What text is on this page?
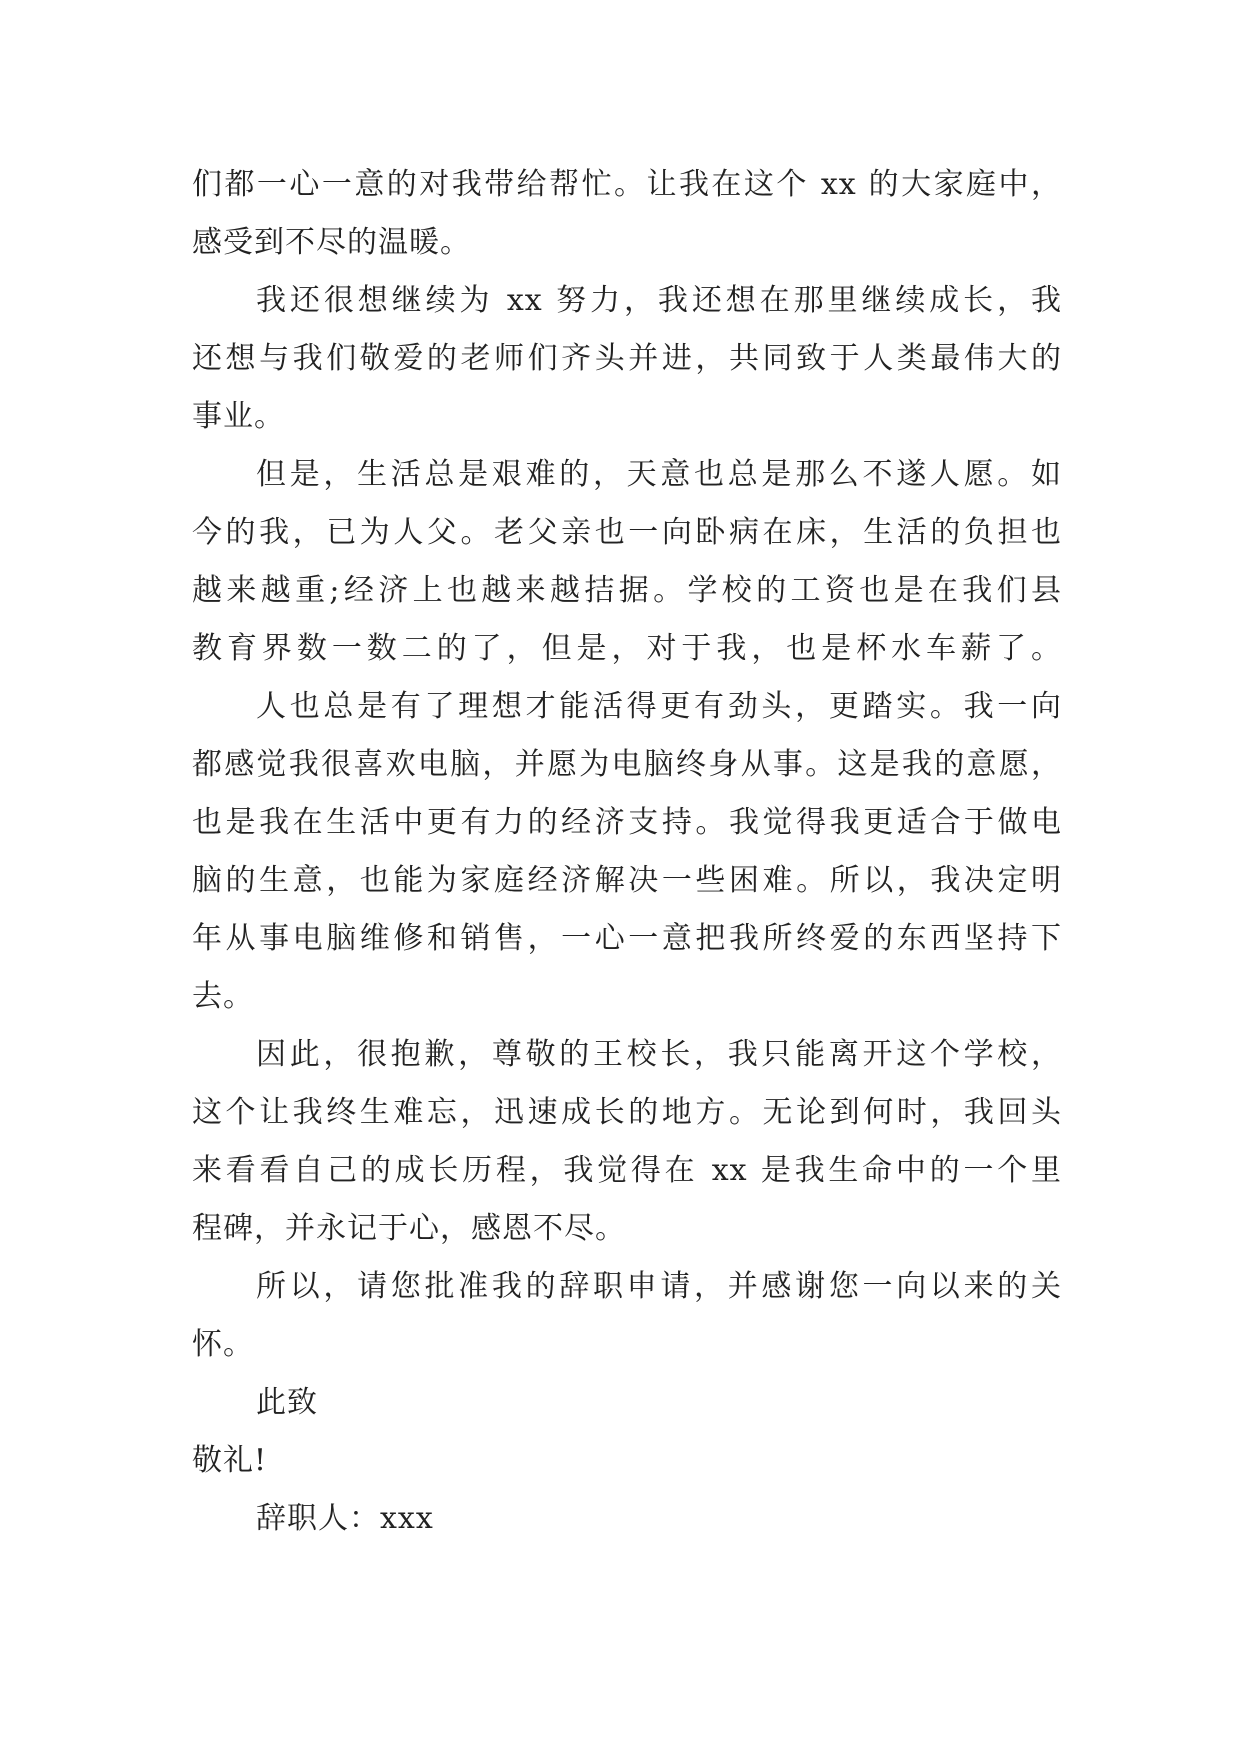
们都一心一意的对我带给帮忙。让我在这个 xx 的大家庭中，
感受到不尽的温暖。
我还很想继续为 xx 努力，我还想在那里继续成长，我
还想与我们敬爱的老师们齐头并进，共同致于人类最伟大的
事业。
但是，生活总是艰难的，天意也总是那么不遂人愿。如
今的我，已为人父。老父亲也一向卧病在床，生活的负担也
越来越重;经济上也越来越拮据。学校的工资也是在我们县
教育界数一数二的了，但是，对于我，也是杯水车薪了。
人也总是有了理想才能活得更有劲头，更踏实。我一向
都感觉我很喜欢电脑，并愿为电脑终身从事。这是我的意愿，
也是我在生活中更有力的经济支持。我觉得我更适合于做电
脑的生意，也能为家庭经济解决一些困难。所以，我决定明
年从事电脑维修和销售，一心一意把我所终爱的东西坚持下
去。
因此，很抱歉，尊敬的王校长，我只能离开这个学校，
这个让我终生难忘，迅速成长的地方。无论到何时，我回头
来看看自己的成长历程，我觉得在 xx 是我生命中的一个里
程碑，并永记于心，感恩不尽。
所以，请您批准我的辞职申请，并感谢您一向以来的关
怀。
此致
敬礼!
辞职人：xxx
